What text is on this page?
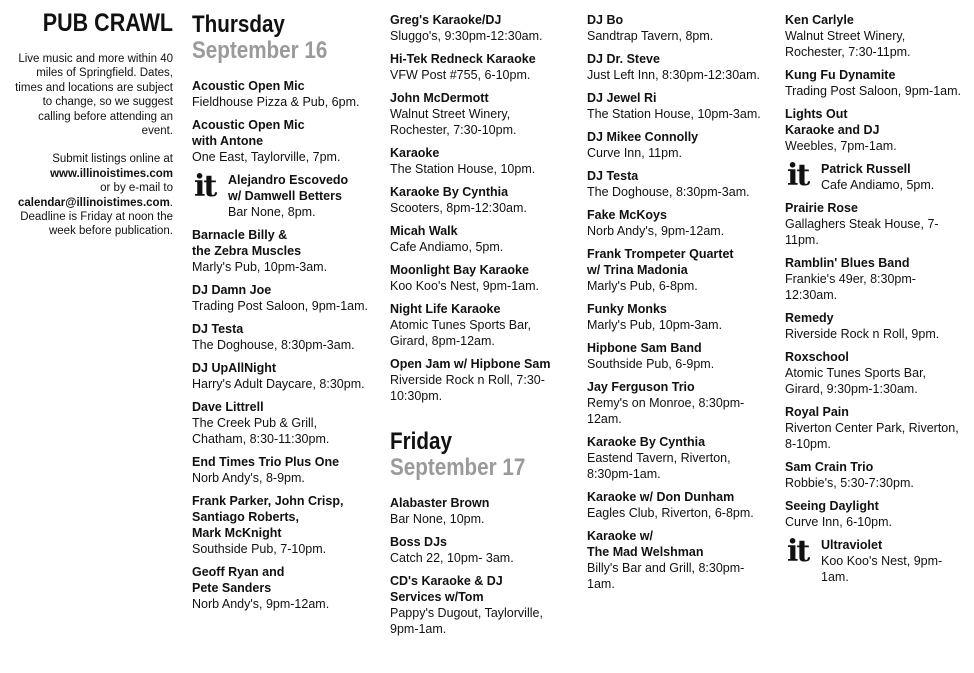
PUB CRAWL

Live music and more within 40 miles of Springfield. Dates, times and locations are subject to change, so we suggest calling before attending an event.

Submit listings online at
www.illinoistimes.com
or by e-mail to
calendar@illinoistimes.com. Deadline is Friday at noon the week before publication.

Thursday
September 16
Acoustic Open Mic
Fieldhouse Pizza & Pub, 6pm.
Acoustic Open Mic
with Antone
One East, Taylorville, 7pm.
it Alejandro Escovedo
w/ Damwell Betters
Bar None, 8pm.
Barnacle Billy &
the Zebra Muscles
Marly's Pub, 10pm-3am.
DJ Damn Joe
Trading Post Saloon, 9pm-1am.
DJ Testa
The Doghouse, 8:30pm-3am.
DJ UpAllNight
Harry's Adult Daycare, 8:30pm.
Dave Littrell
The Creek Pub & Grill, Chatham, 8:30-11:30pm.
End Times Trio Plus One
Norb Andy's, 8-9pm.
Frank Parker, John Crisp,
Santiago Roberts,
Mark McKnight
Southside Pub, 7-10pm.
Geoff Ryan and
Pete Sanders
Norb Andy's, 9pm-12am.
Greg's Karaoke/DJ
Sluggo's, 9:30pm-12:30am.
Hi-Tek Redneck Karaoke
VFW Post #755, 6-10pm.
John McDermott
Walnut Street Winery, Rochester, 7:30-10pm.
Karaoke
The Station House, 10pm.
Karaoke By Cynthia
Scooters, 8pm-12:30am.
Micah Walk
Cafe Andiamo, 5pm.
Moonlight Bay Karaoke
Koo Koo's Nest, 9pm-1am.
Night Life Karaoke
Atomic Tunes Sports Bar, Girard, 8pm-12am.
Open Jam w/ Hipbone Sam
Riverside Rock n Roll, 7:30-10:30pm.
Friday
September 17
Alabaster Brown
Bar None, 10pm.
Boss DJs
Catch 22, 10pm- 3am.
CD's Karaoke & DJ
Services w/Tom
Pappy's Dugout, Taylorville, 9pm-1am.
DJ Bo
Sandtrap Tavern, 8pm.
DJ Dr. Steve
Just Left Inn, 8:30pm-12:30am.
DJ Jewel Ri
The Station House, 10pm-3am.
DJ Mikee Connolly
Curve Inn, 11pm.
DJ Testa
The Doghouse, 8:30pm-3am.
Fake McKoys
Norb Andy's, 9pm-12am.
Frank Trompeter Quartet
w/ Trina Madonia
Marly's Pub, 6-8pm.
Funky Monks
Marly's Pub, 10pm-3am.
Hipbone Sam Band
Southside Pub, 6-9pm.
Jay Ferguson Trio
Remy's on Monroe, 8:30pm-12am.
Karaoke By Cynthia
Eastend Tavern, Riverton, 8:30pm-1am.
Karaoke w/ Don Dunham
Eagles Club, Riverton, 6-8pm.
Karaoke w/
The Mad Welshman
Billy's Bar and Grill, 8:30pm-1am.
Ken Carlyle
Walnut Street Winery, Rochester, 7:30-11pm.
Kung Fu Dynamite
Trading Post Saloon, 9pm-1am.
Lights Out
Karaoke and DJ
Weebles, 7pm-1am.
it Patrick Russell
Cafe Andiamo, 5pm.
Prairie Rose
Gallaghers Steak House, 7-11pm.
Ramblin' Blues Band
Frankie's 49er, 8:30pm-12:30am.
Remedy
Riverside Rock n Roll, 9pm.
Roxschool
Atomic Tunes Sports Bar, Girard, 9:30pm-1:30am.
Royal Pain
Riverton Center Park, Riverton, 8-10pm.
Sam Crain Trio
Robbie's, 5:30-7:30pm.
Seeing Daylight
Curve Inn, 6-10pm.
it Ultraviolet
Koo Koo's Nest, 9pm-1am.
